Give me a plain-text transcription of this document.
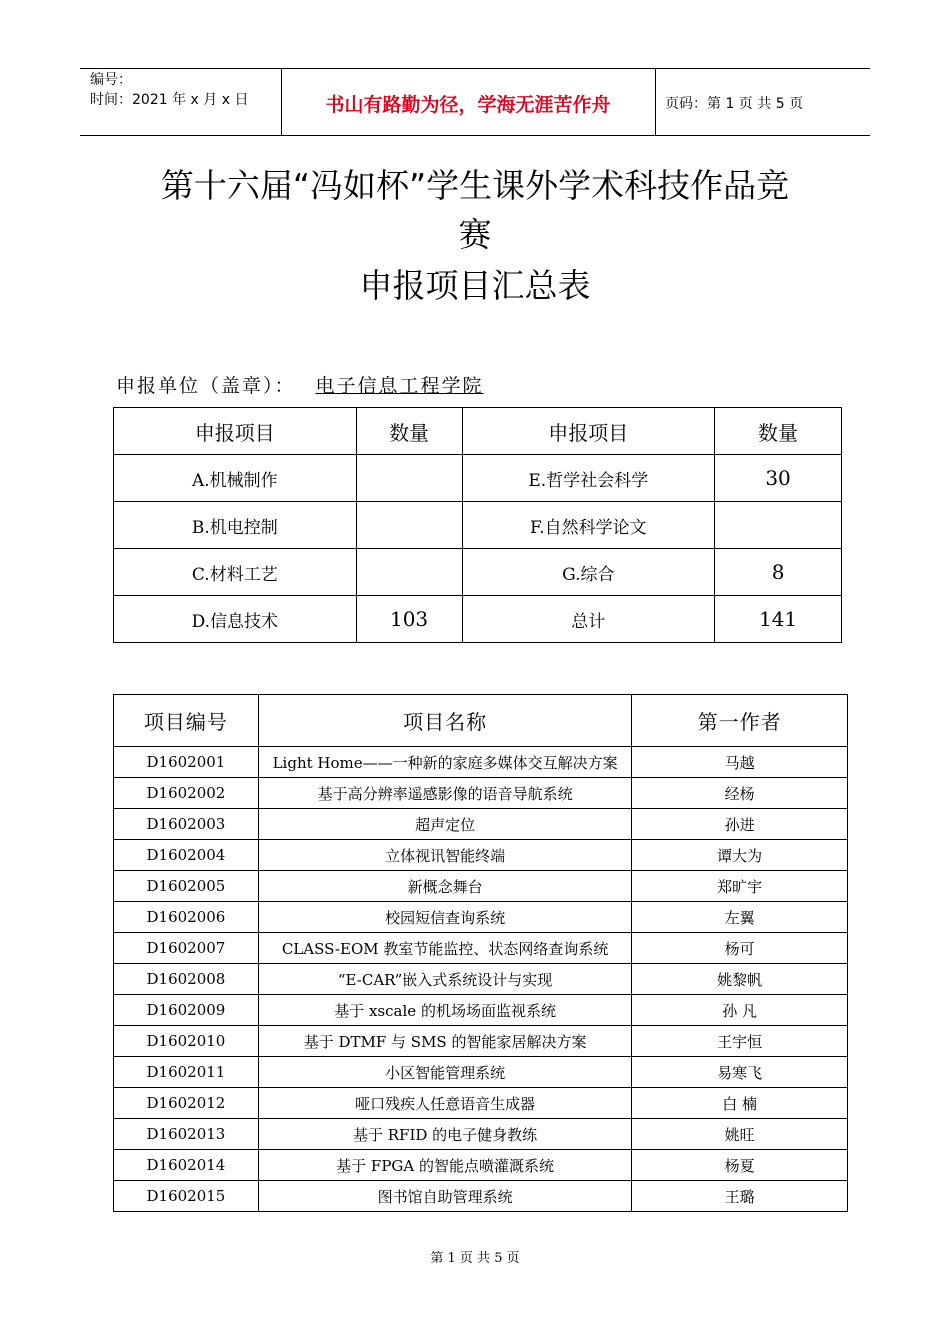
编号：
时间：2021 年 x 月 x 日	书山有路勤为径，学海无涯苦作舟	页码：第 1 页 共 5 页
第十六届“冯如杯”学生课外学术科技作品竞
赛
申报项目汇总表
申报单位（盖章）： 电子信息工程学院
申报项目	数量	申报项目	数量
A.机械制作		E.哲学社会科学	30
B.机电控制		F.自然科学论文	
C.材料工艺		G.综合	8
D.信息技术	103	总计	141
项目编号	项目名称	第一作者
D1602001	Light Home——一种新的家庭多媒体交互解决方案	马越
D1602002	基于高分辨率遥感影像的语音导航系统	经杨
D1602003	超声定位	孙进
D1602004	立体视讯智能终端	谭大为
D1602005	新概念舞台	郑旷宇
D1602006	校园短信查询系统	左翼
D1602007	CLASS-EOM 教室节能监控、状态网络查询系统	杨可
D1602008	“E-CAR”嵌入式系统设计与实现	姚黎帆
D1602009	基于 xscale 的机场场面监视系统	孙 凡
D1602010	基于 DTMF 与 SMS 的智能家居解决方案	王宇恒
D1602011	小区智能管理系统	易寒飞
D1602012	哑口残疾人任意语音生成器	白 楠
D1602013	基于 RFID 的电子健身教练	姚旺
D1602014	基于 FPGA 的智能点喷灌溉系统	杨夏
D1602015	图书馆自助管理系统	王璐
第 1 页 共 5 页
